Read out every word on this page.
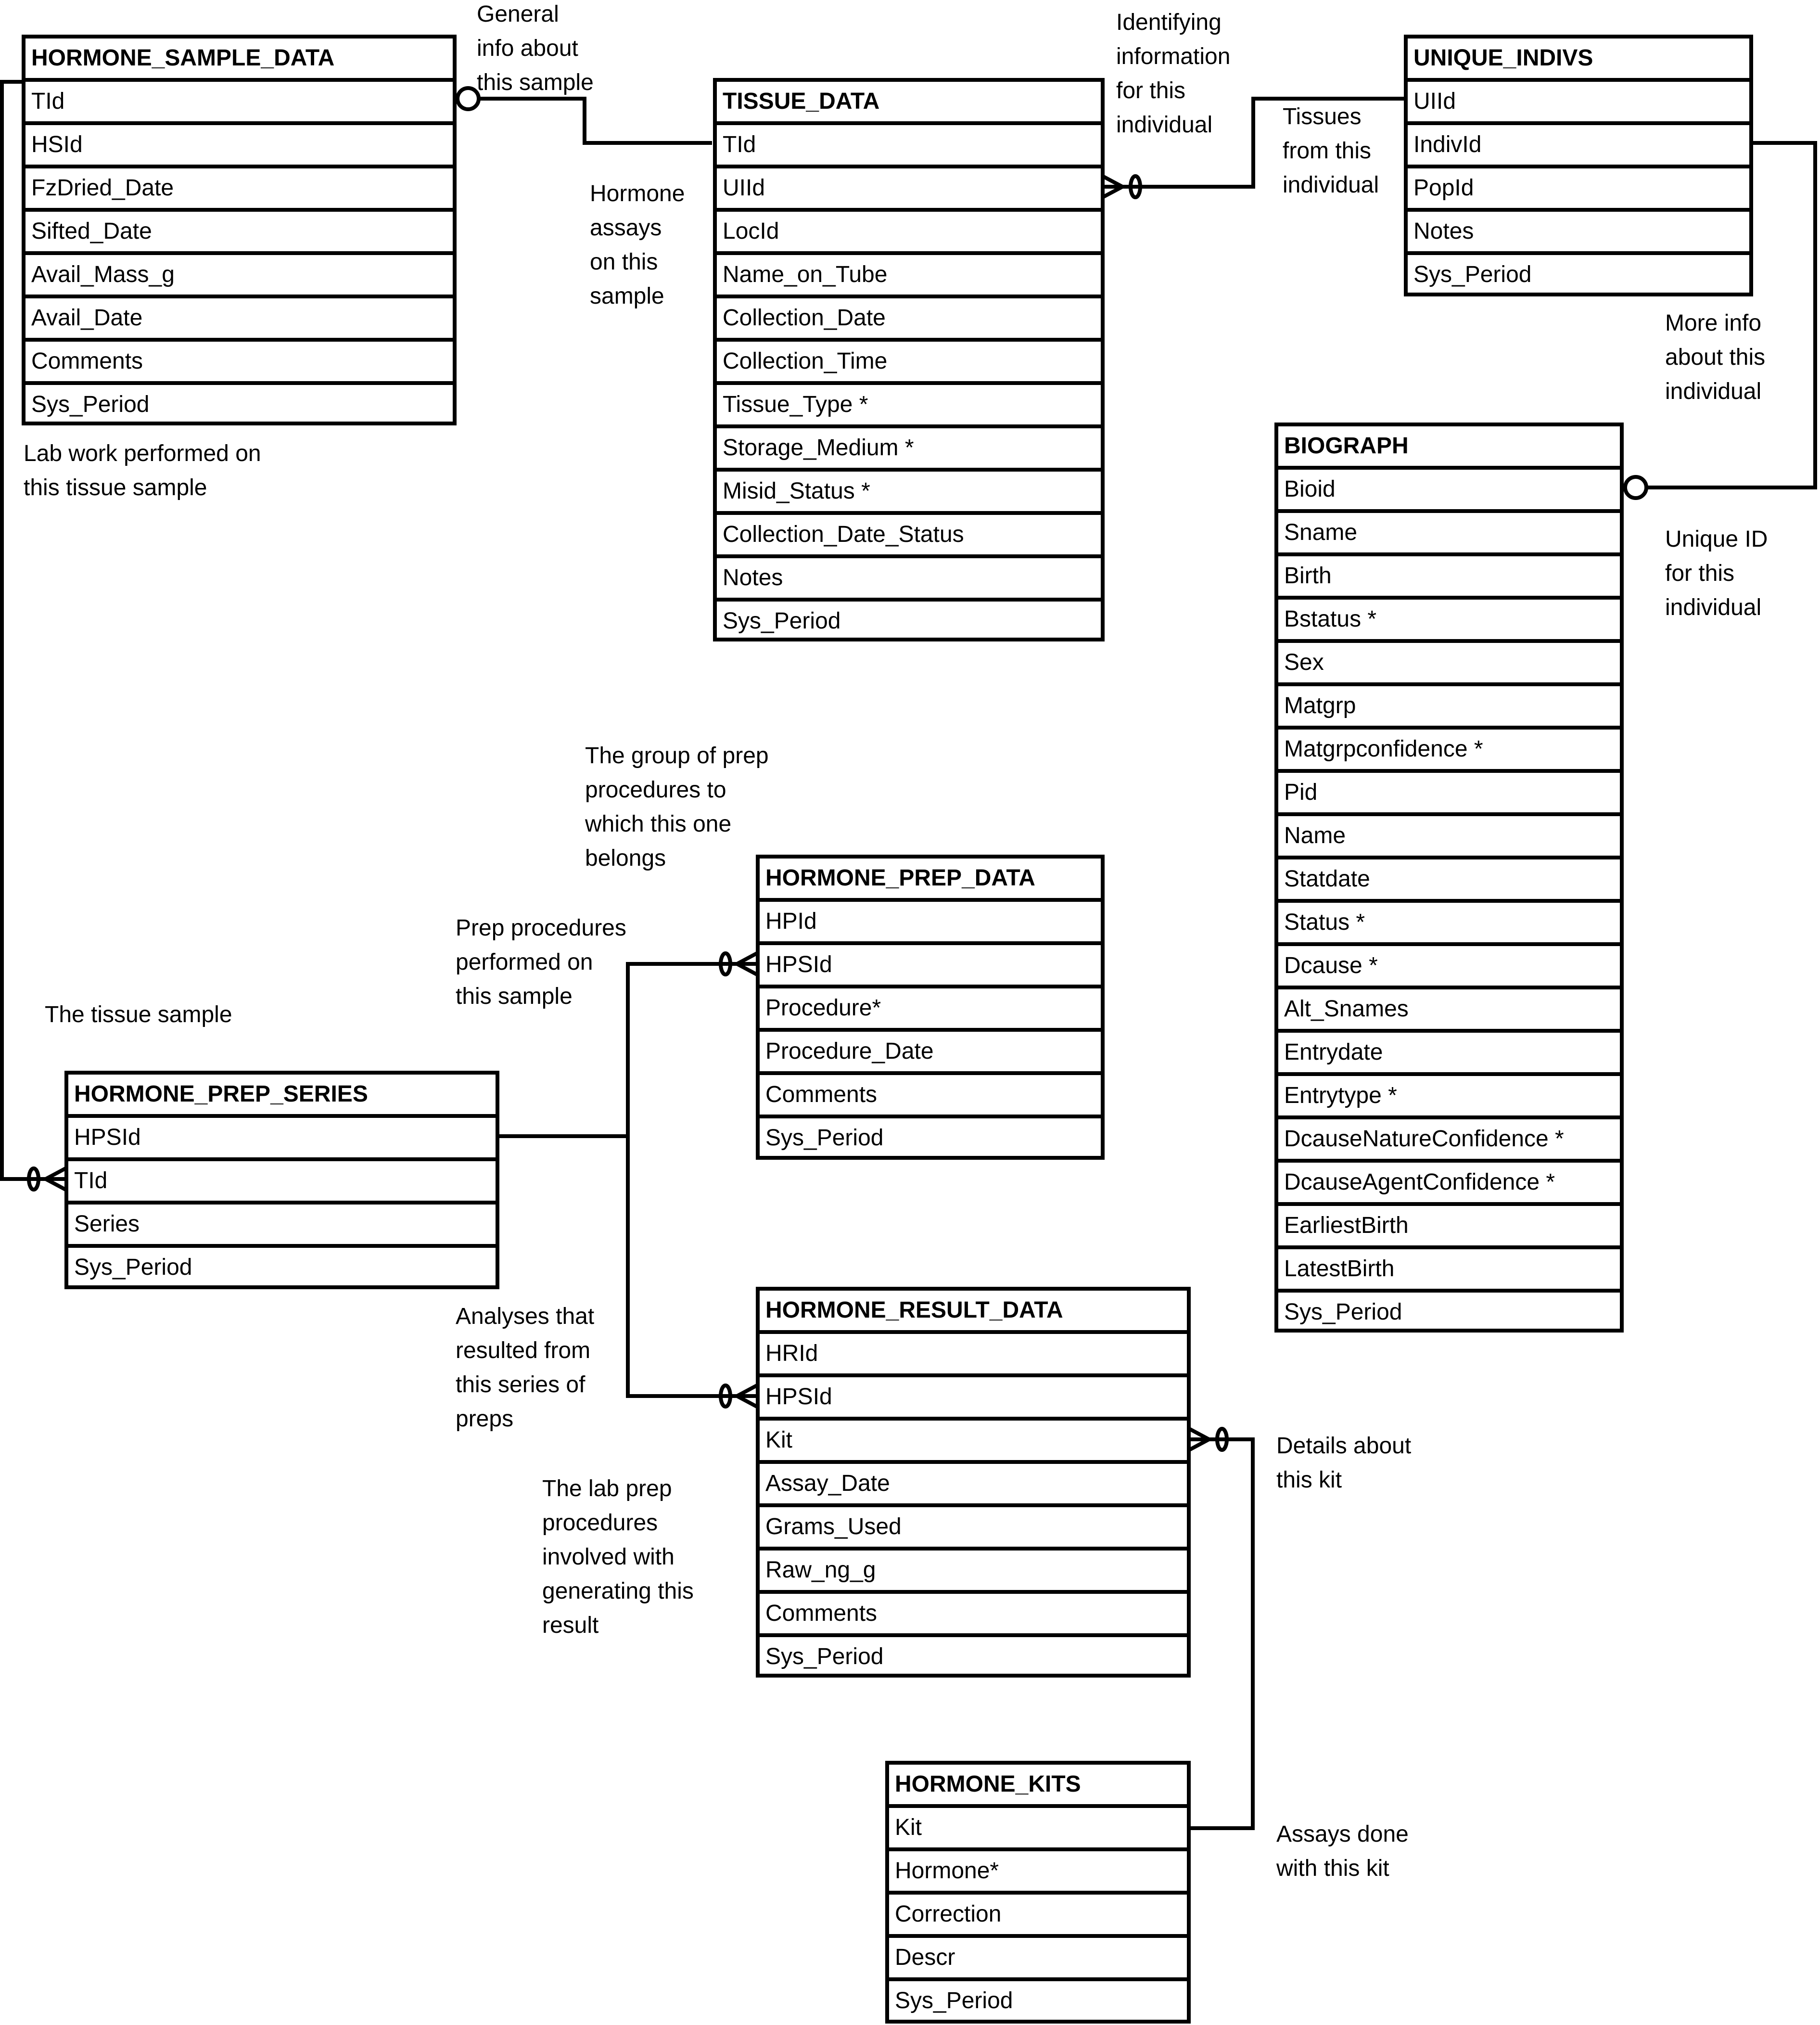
HORMONE_SAMPLE_DATA
TId
HSId
FzDried_Date
Sifted_Date
Avail_Mass_g
Avail_Date
Comments
Sys_Period
TISSUE_DATA
TId
UIId
LocId
Name_on_Tube
Collection_Date
Collection_Time
Tissue_Type *
Storage_Medium *
Misid_Status *
Collection_Date_Status
Notes
Sys_Period
UNIQUE_INDIVS
UIId
IndivId
PopId
Notes
Sys_Period
BIOGRAPH
Bioid
Sname
Birth
Bstatus *
Sex
Matgrp
Matgrpconfidence *
Pid
Name
Statdate
Status *
Dcause *
Alt_Snames
Entrydate
Entrytype *
DcauseNatureConfidence *
DcauseAgentConfidence *
EarliestBirth
LatestBirth
Sys_Period
HORMONE_PREP_DATA
HPId
HPSId
Procedure*
Procedure_Date
Comments
Sys_Period
HORMONE_PREP_SERIES
HPSId
TId
Series
Sys_Period
HORMONE_RESULT_DATA
HRId
HPSId
Kit
Assay_Date
Grams_Used
Raw_ng_g
Comments
Sys_Period
HORMONE_KITS
Kit
Hormone*
Correction
Descr
Sys_Period
General
info about
this sample
Hormone
assays
on this
sample
Identifying
information
for this
individual	Tissues
from this
individual
More info
about this
individual
Unique ID
for this
individual
Lab work performed on
this tissue sample
The group of prep
procedures to
which this one
belongs
Prep procedures
performed on
this sample
The tissue sample
Analyses that
resulted from
this series of
preps
The lab prep
procedures
involved with
generating this
result
Details about
this kit
Assays done
with this kit
